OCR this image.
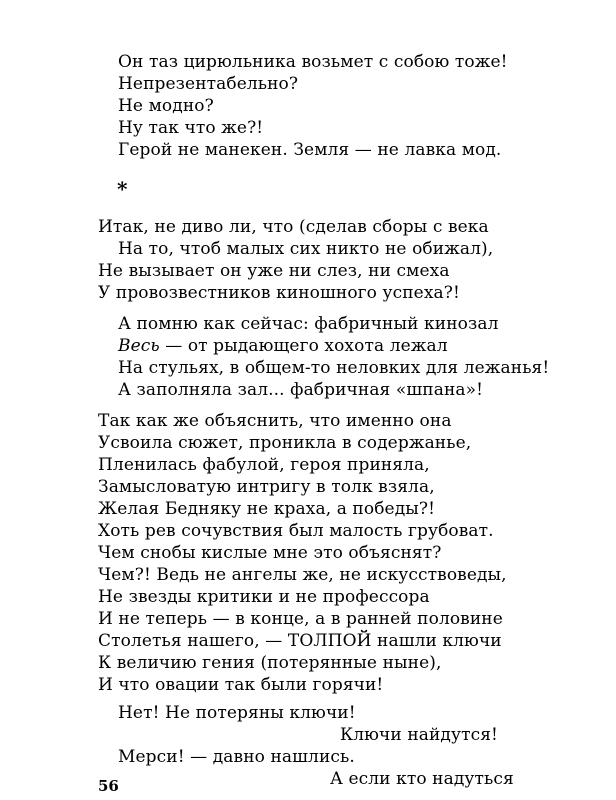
Он таз цирюльника возьмет с собою тоже!
Непрезентабельно?
Не модно?
Ну так что же?!
Герой не манекен. Земля — не лавка мод.
*
Итак, не диво ли, что (сделав сборы с века
На то, чтоб малых сих никто не обижал),
Не вызывает он уже ни слез, ни смеха
У провозвестников киношного успеха?!
А помню как сейчас: фабричный кинозал
Весь — от рыдающего хохота лежал
На стульях, в общем-то неловких для лежанья!
А заполняла зал... фабричная «шпана»!
Так как же объяснить, что именно она
Усвоила сюжет, проникла в содержанье,
Пленилась фабулой, героя приняла,
Замысловатую интригу в толк взяла,
Желая Бедняку не краха, а победы?!
Хоть рев сочувствия был малость грубоват.
Чем снобы кислые мне это объяснят?
Чем?! Ведь не ангелы же, не искусствоведы,
Не звезды критики и не профессора
И не теперь — в конце, а в ранней половине
Столетья нашего, — ТОЛПОЙ нашли ключи
К величию гения (потерянные ныне),
И что овации так были горячи!
Нет! Не потеряны ключи!
Ключи найдутся!
Мерси! — давно нашлись.
А если кто надуться
56
